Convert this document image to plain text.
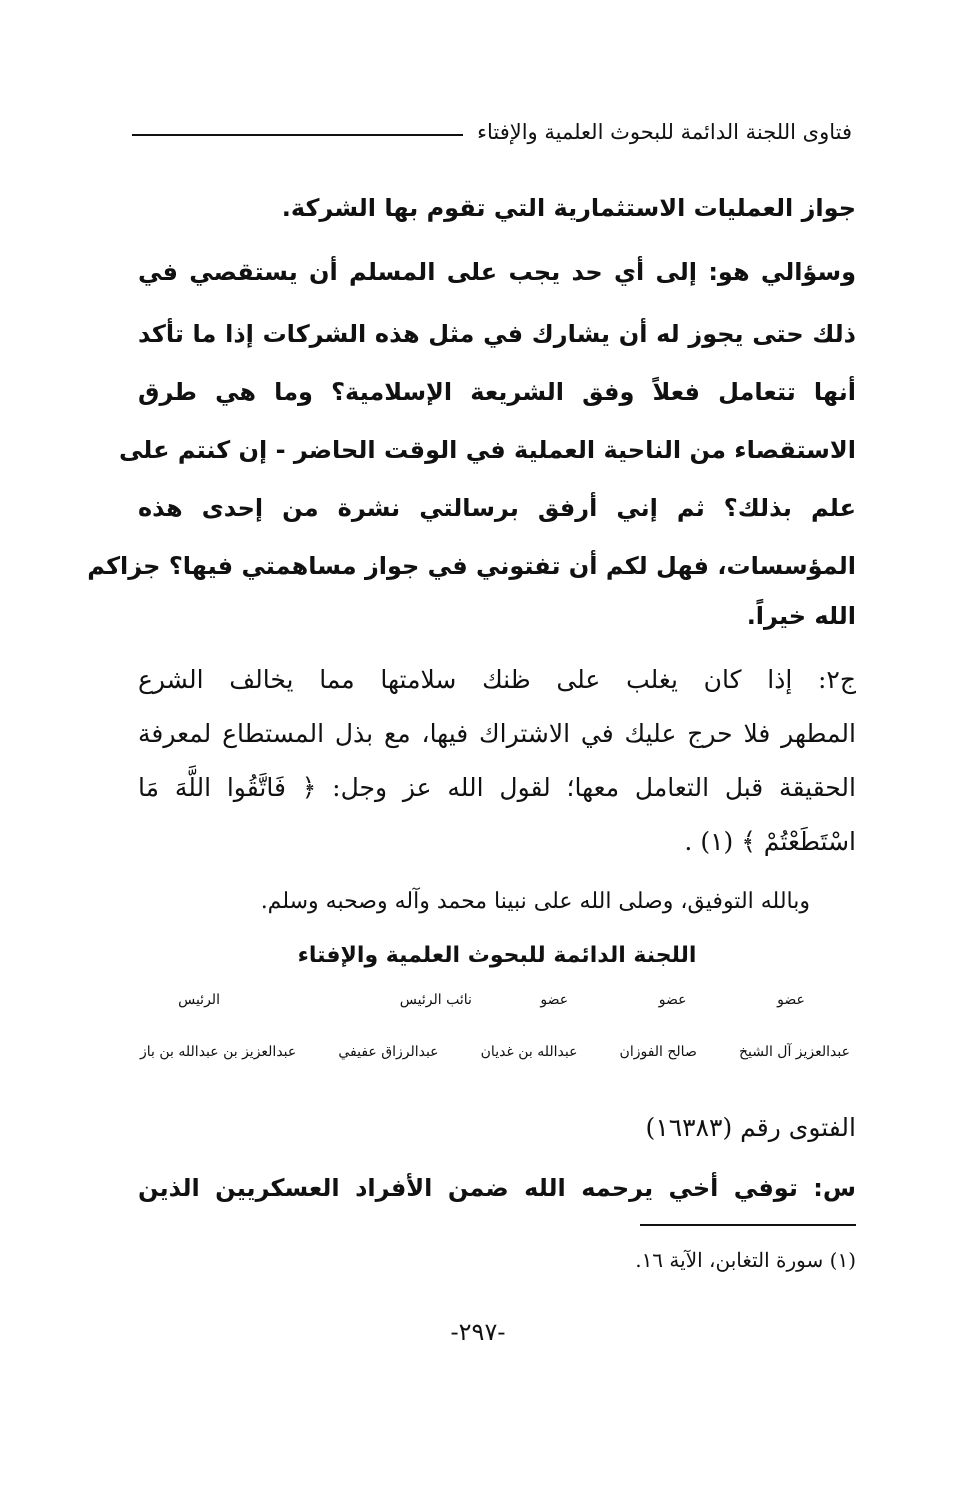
فتاوى اللجنة الدائمة للبحوث العلمية والإفتاء
جواز العمليات الاستثمارية التي تقوم بها الشركة.
وسؤالي هو: إلى أي حد يجب على المسلم أن يستقصي في
ذلك حتى يجوز له أن يشارك في مثل هذه الشركات إذا ما تأكد
أنها تتعامل فعلاً وفق الشريعة الإسلامية؟ وما هي طرق
الاستقصاء من الناحية العملية في الوقت الحاضر - إن كنتم على
علم بذلك؟ ثم إني أرفق برسالتي نشرة من إحدى هذه
المؤسسات، فهل لكم أن تفتوني في جواز مساهمتي فيها؟ جزاكم
الله خيراً.
ج٢: إذا كان يغلب على ظنك سلامتها مما يخالف الشرع
المطهر فلا حرج عليك في الاشتراك فيها، مع بذل المستطاع لمعرفة
الحقيقة قبل التعامل معها؛ لقول الله عز وجل: ﴿ فَاتَّقُوا اللَّهَ مَا
اسْتَطَعْتُمْ ﴾ (١) .
وبالله التوفيق، وصلى الله على نبينا محمد وآله وصحبه وسلم.
اللجنة الدائمة للبحوث العلمية والإفتاء
عضو
عضو
عضو
نائب الرئيس
الرئيس
عبدالعزيز آل الشيخ
صالح الفوزان
عبدالله بن غديان
عبدالرزاق عفيفي
عبدالعزيز بن عبدالله بن باز
الفتوى رقم (١٦٣٨٣)
س: توفي أخي يرحمه الله ضمن الأفراد العسكريين الذين
(١) سورة التغابن، الآية ١٦.
-٢٩٧-
